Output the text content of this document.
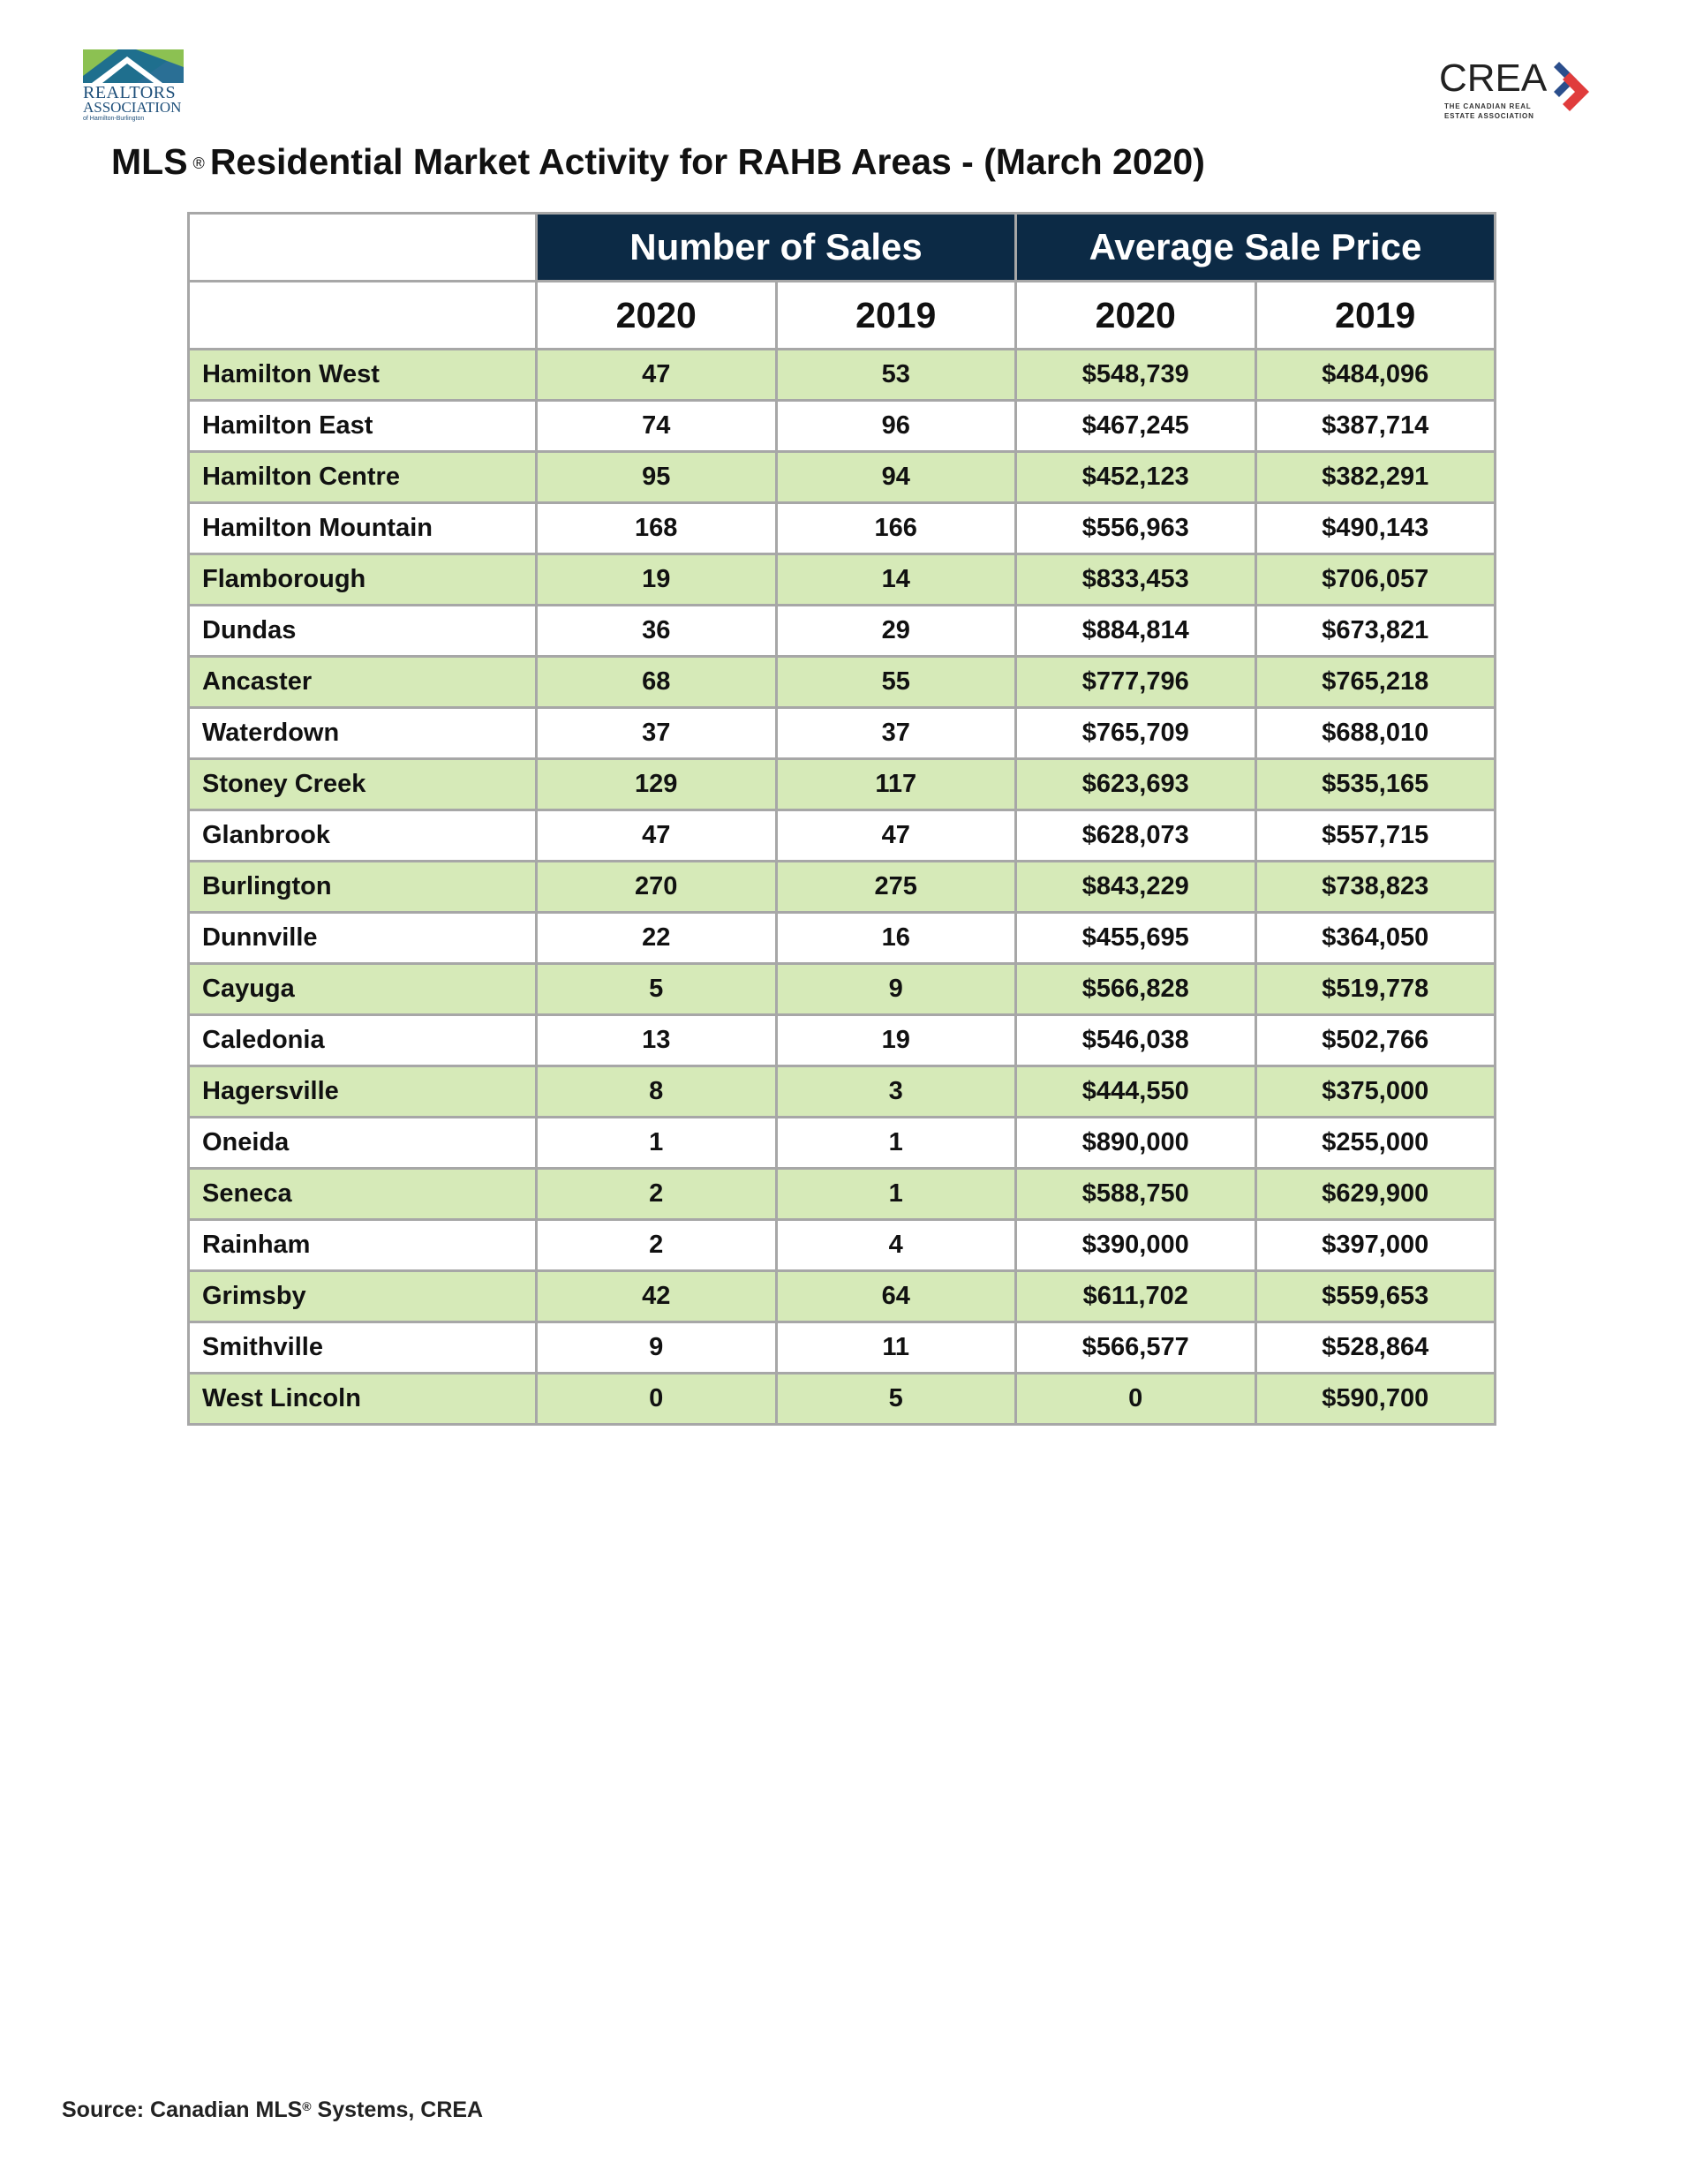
REALTORS
ASSOCIATION
of Hamilton-Burlington
CREA
THE CANADIAN REAL
ESTATE ASSOCIATION
MLS ® Residential Market Activity for RAHB Areas - (March 2020)
	Number of Sales		Average Sale Price	
	2020	2019	2020	2019
Hamilton West	47	53	$548,739	$484,096
Hamilton East	74	96	$467,245	$387,714
Hamilton Centre	95	94	$452,123	$382,291
Hamilton Mountain	168	166	$556,963	$490,143
Flamborough	19	14	$833,453	$706,057
Dundas	36	29	$884,814	$673,821
Ancaster	68	55	$777,796	$765,218
Waterdown	37	37	$765,709	$688,010
Stoney Creek	129	117	$623,693	$535,165
Glanbrook	47	47	$628,073	$557,715
Burlington	270	275	$843,229	$738,823
Dunnville	22	16	$455,695	$364,050
Cayuga	5	9	$566,828	$519,778
Caledonia	13	19	$546,038	$502,766
Hagersville	8	3	$444,550	$375,000
Oneida	1	1	$890,000	$255,000
Seneca	2	1	$588,750	$629,900
Rainham	2	4	$390,000	$397,000
Grimsby	42	64	$611,702	$559,653
Smithville	9	11	$566,577	$528,864
West Lincoln	0	5	0	$590,700
Source: Canadian MLS® Systems, CREA
